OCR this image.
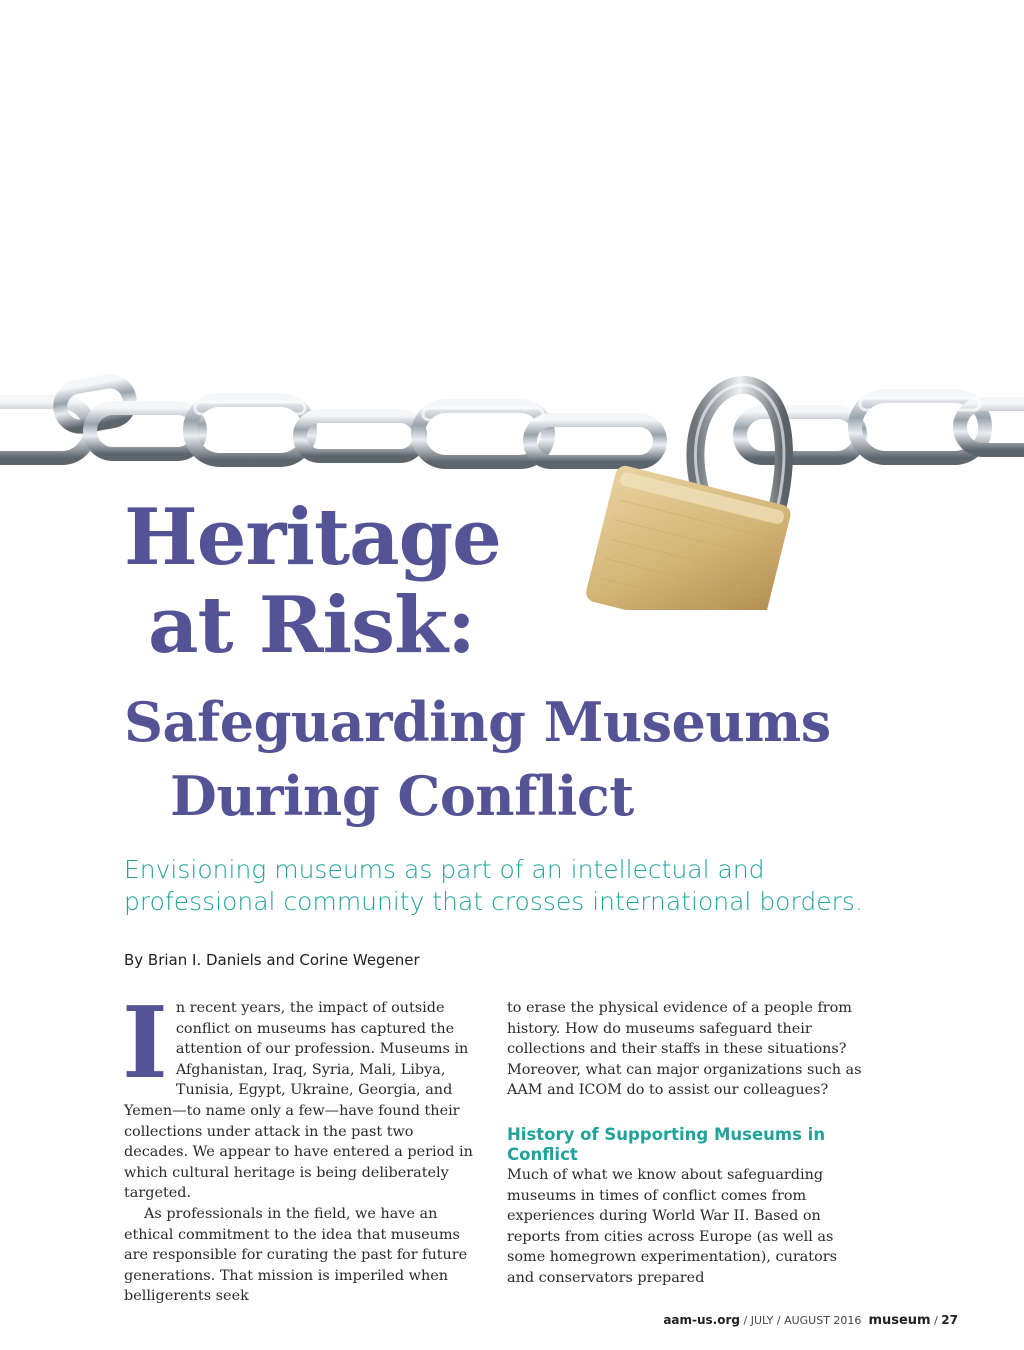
Heritage
at Risk:
Safeguarding Museums
During Conflict
Envisioning museums as part of an intellectual and professional community that crosses international borders.
By Brian I. Daniels and Corine Wegener

In recent years, the impact of outside conflict on museums has captured the attention of our profession. Museums in Afghanistan, Iraq, Syria, Mali, Libya, Tunisia, Egypt, Ukraine, Georgia, and Yemen—to name only a few—have found their collections under attack in the past two decades. We appear to have entered a period in which cultural heritage is being deliberately targeted.

As professionals in the field, we have an ethical commitment to the idea that museums are responsible for curating the past for future generations. That mission is imperiled when belligerents seek

to erase the physical evidence of a people from history. How do museums safeguard their collections and their staffs in these situations? Moreover, what can major organizations such as AAM and ICOM do to assist our colleagues?

History of Supporting Museums in Conflict

Much of what we know about safeguarding museums in times of conflict comes from experiences during World War II. Based on reports from cities across Europe (as well as some homegrown experimentation), curators and conservators prepared

aam-us.org / JULY / AUGUST 2016 museum / 27
